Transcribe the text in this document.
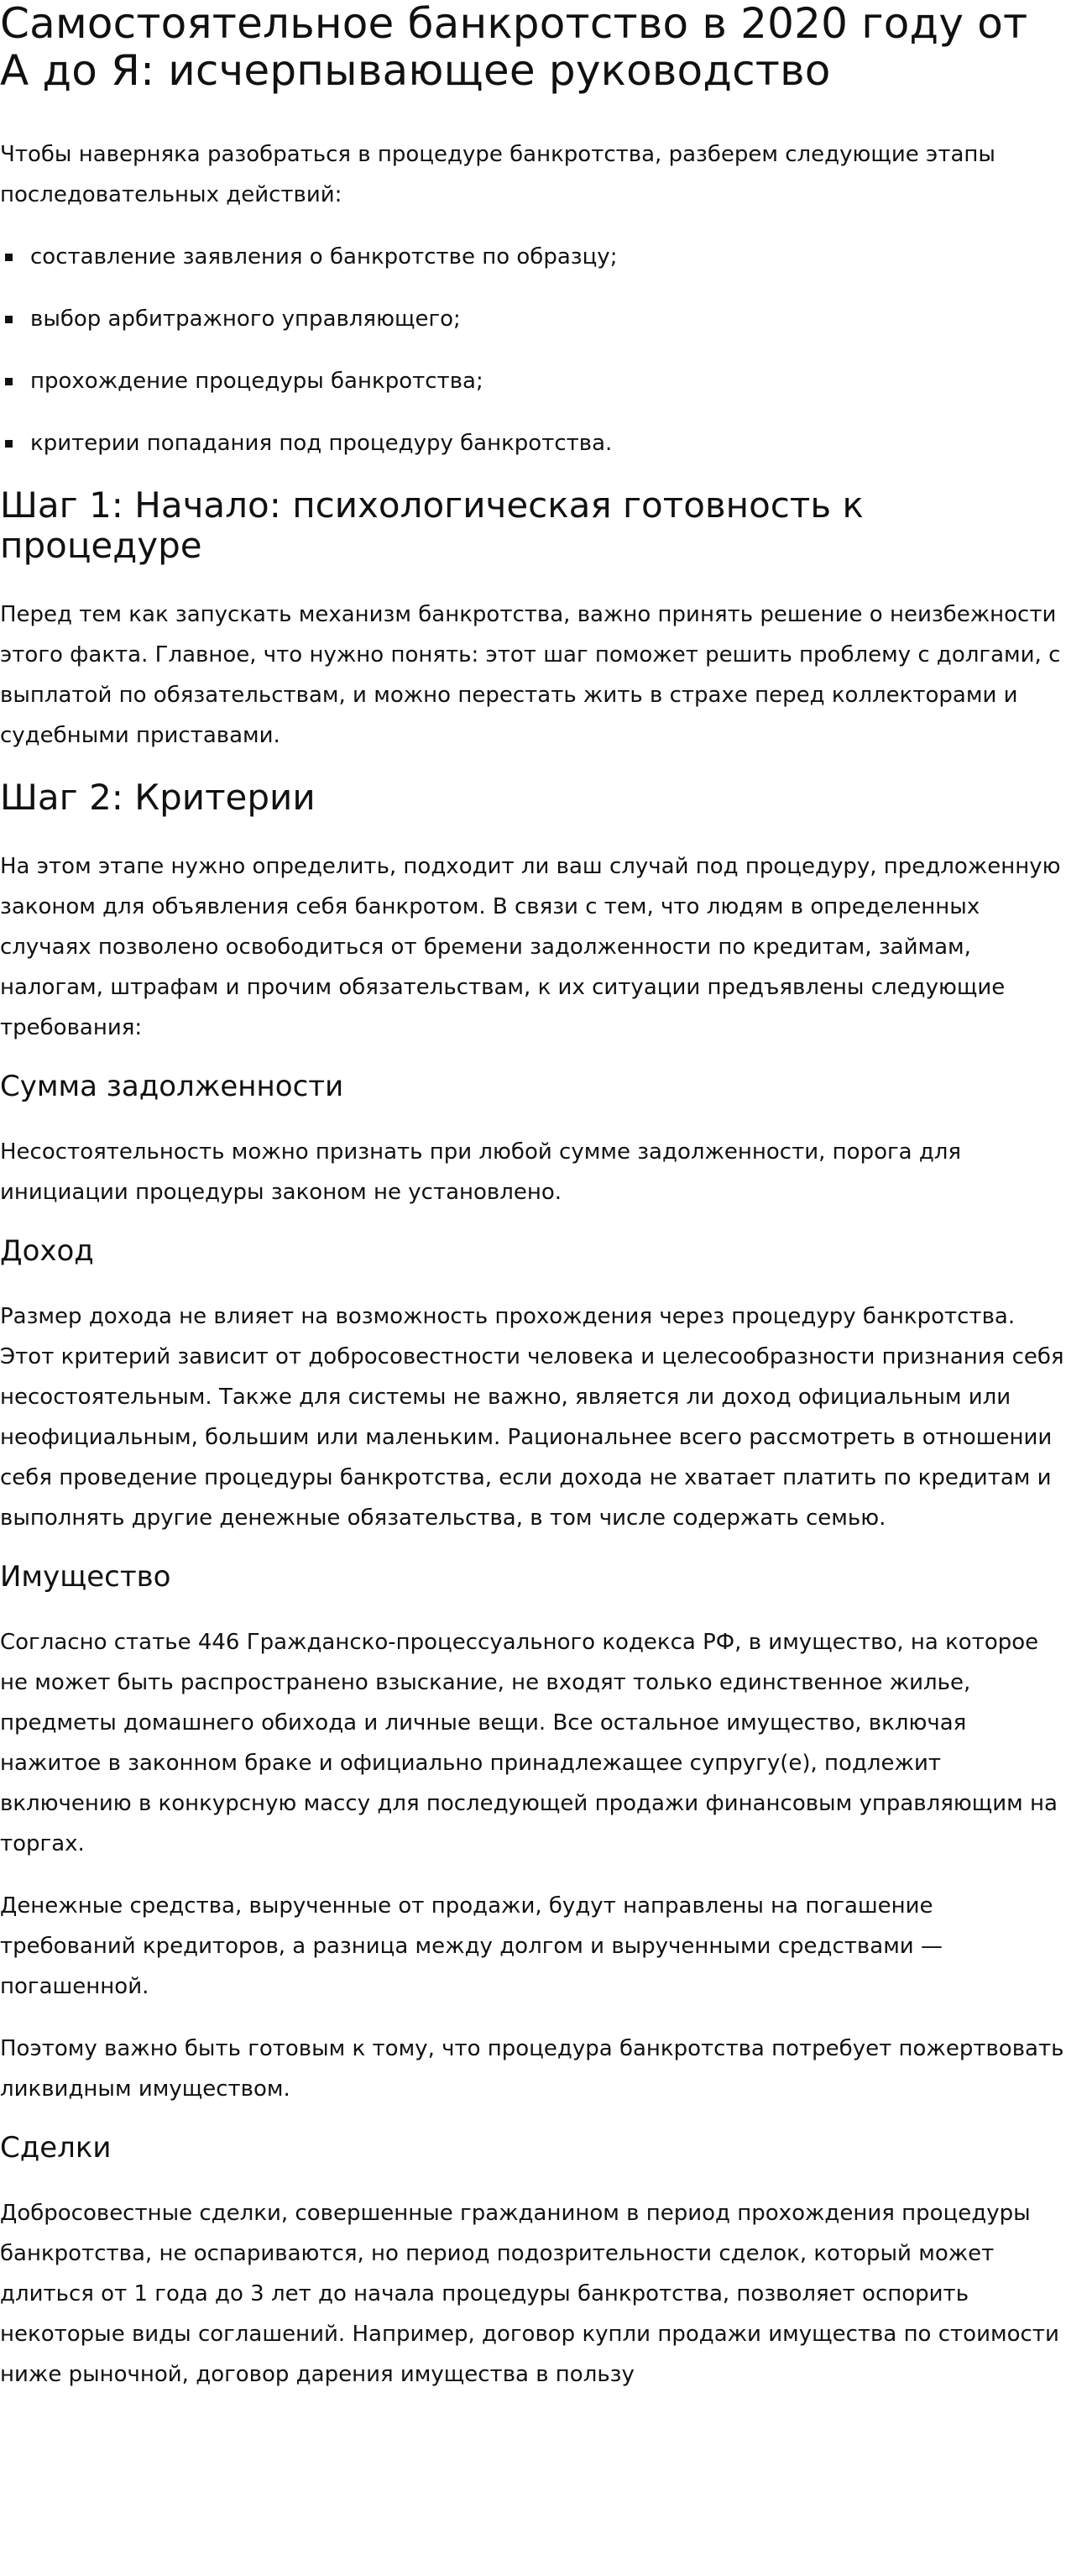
Самостоятельное банкротство в 2020 году от А до Я: исчерпывающее руководство

Чтобы наверняка разобраться в процедуре банкротства, разберем следующие этапы последовательных действий:

составление заявления о банкротстве по образцу;
выбор арбитражного управляющего;
прохождение процедуры банкротства;
критерии попадания под процедуру банкротства.
Шаг 1: Начало: психологическая готовность к процедуре

Перед тем как запускать механизм банкротства, важно принять решение о неизбежности этого факта. Главное, что нужно понять: этот шаг поможет решить проблему с долгами, с выплатой по обязательствам, и можно перестать жить в страхе перед коллекторами и судебными приставами.

Шаг 2: Критерии

На этом этапе нужно определить, подходит ли ваш случай под процедуру, предложенную законом для объявления себя банкротом. В связи с тем, что людям в определенных случаях позволено освободиться от бремени задолженности по кредитам, займам, налогам, штрафам и прочим обязательствам, к их ситуации предъявлены следующие требования:

Сумма задолженности

Несостоятельность можно признать при любой сумме задолженности, порога для инициации процедуры законом не установлено.

Доход

Размер дохода не влияет на возможность прохождения через процедуру банкротства. Этот критерий зависит от добросовестности человека и целесообразности признания себя несостоятельным. Также для системы не важно, является ли доход официальным или неофициальным, большим или маленьким. Рациональнее всего рассмотреть в отношении себя проведение процедуры банкротства, если дохода не хватает платить по кредитам и выполнять другие денежные обязательства, в том числе содержать семью.

Имущество

Согласно статье 446 Гражданско-процессуального кодекса РФ, в имущество, на которое не может быть распространено взыскание, не входят только единственное жилье, предметы домашнего обихода и личные вещи. Все остальное имущество, включая нажитое в законном браке и официально принадлежащее супругу(е), подлежит включению в конкурсную массу для последующей продажи финансовым управляющим на торгах.

Денежные средства, вырученные от продажи, будут направлены на погашение требований кредиторов, а разница между долгом и вырученными средствами — погашенной.

Поэтому важно быть готовым к тому, что процедура банкротства потребует пожертвовать ликвидным имуществом.

Сделки

Добросовестные сделки, совершенные гражданином в период прохождения процедуры банкротства, не оспариваются, но период подозрительности сделок, который может длиться от 1 года до 3 лет до начала процедуры банкротства, позволяет оспорить некоторые виды соглашений. Например, договор купли продажи имущества по стоимости ниже рыночной, договор дарения имущества в пользу
